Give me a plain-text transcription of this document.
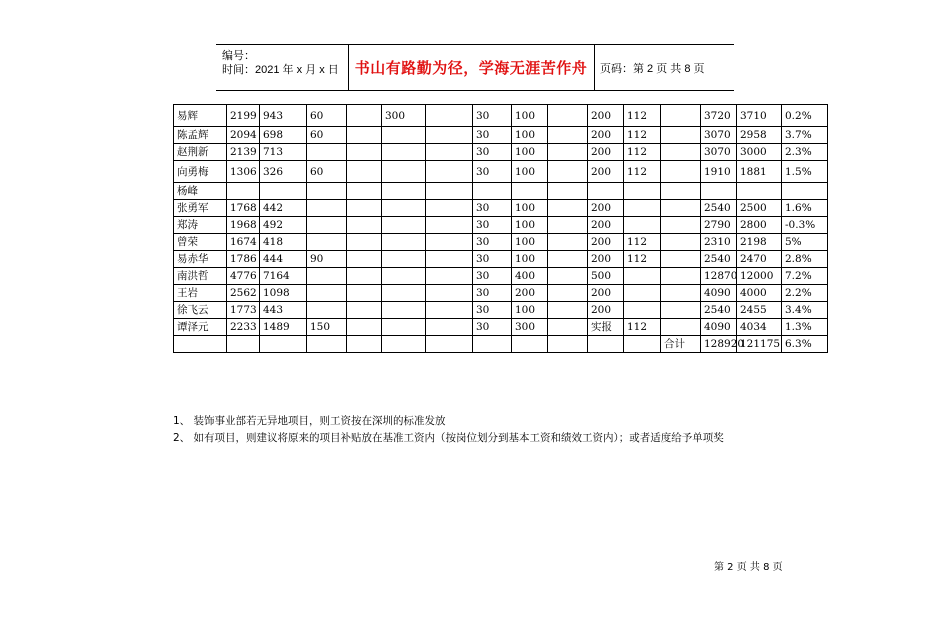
编号：
时间：2021 年 x 月 x 日 书山有路勤为径，学海无涯苦作舟 页码：第 2 页 共 8 页
易辉	2199	943	60		300		30	100		200	112		3720	3710	0.2%
陈孟辉	2094	698	60				30	100		200	112		3070	2958	3.7%
赵荆新	2139	713					30	100		200	112		3070	3000	2.3%
向勇梅	1306	326	60				30	100		200	112		1910	1881	1.5%
杨峰															
张勇军	1768	442					30	100		200			2540	2500	1.6%
郑涛	1968	492					30	100		200			2790	2800	-0.3%
曾荣	1674	418					30	100		200	112		2310	2198	5%
易赤华	1786	444	90				30	100		200	112		2540	2470	2.8%
南洪哲	4776	7164					30	400		500			12870	12000	7.2%
王岩	2562	1098					30	200		200			4090	4000	2.2%
徐飞云	1773	443					30	100		200			2540	2455	3.4%
谭泽元	2233	1489	150				30	300		实报	112		4090	4034	1.3%
												合计	128920	121175	6.3%
1、 装饰事业部若无异地项目，则工资按在深圳的标准发放
2、 如有项目，则建议将原来的项目补贴放在基准工资内（按岗位划分到基本工资和绩效工资内）；或者适度给予单项奖
第 2 页 共 8 页
